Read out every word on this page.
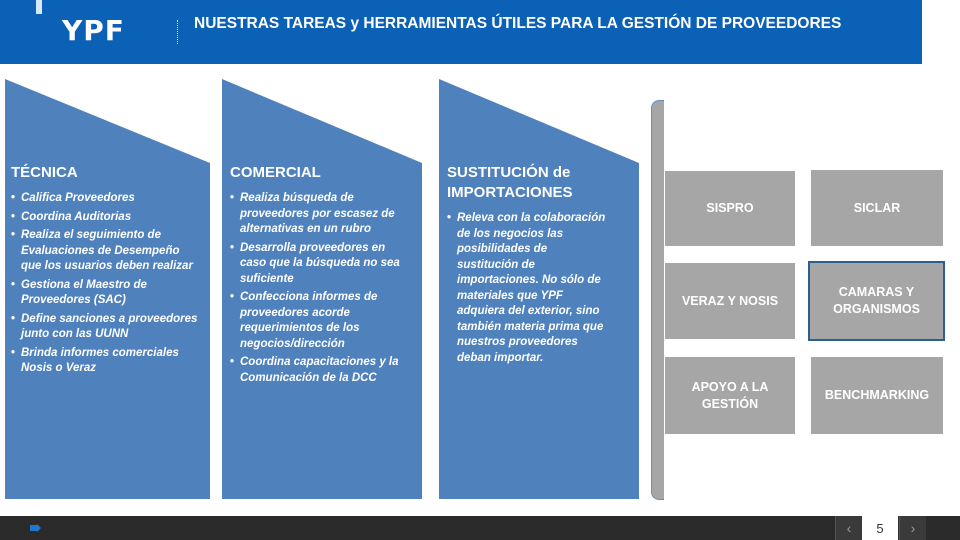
YPF	NUESTRAS TAREAS y HERRAMIENTAS ÚTILES PARA LA GESTIÓN DE PROVEEDORES
TÉCNICA
• Califica Proveedores
• Coordina Auditorias
• Realiza el seguimiento de Evaluaciones de Desempeño que los usuarios deben realizar
• Gestiona el Maestro de Proveedores (SAC)
• Define sanciones a proveedores junto con las UUNN
• Brinda informes comerciales Nosis o Veraz
COMERCIAL
• Realiza búsqueda de proveedores por escasez de alternativas en un rubro
• Desarrolla proveedores en caso que la búsqueda no sea suficiente
• Confecciona informes de proveedores acorde requerimientos de los negocios/dirección
• Coordina capacitaciones y la Comunicación de la DCC
SUSTITUCIÓN de IMPORTACIONES
• Releva con la colaboración de los negocios las posibilidades de sustitución de importaciones. No sólo de materiales que YPF adquiera del exterior, sino también materia prima que nuestros proveedores deban importar.
SISPRO	SICLAR
VERAZ Y NOSIS
CAMARAS Y ORGANISMOS
APOYO A LA GESTIÓN
BENCHMARKING
‹	5	›
